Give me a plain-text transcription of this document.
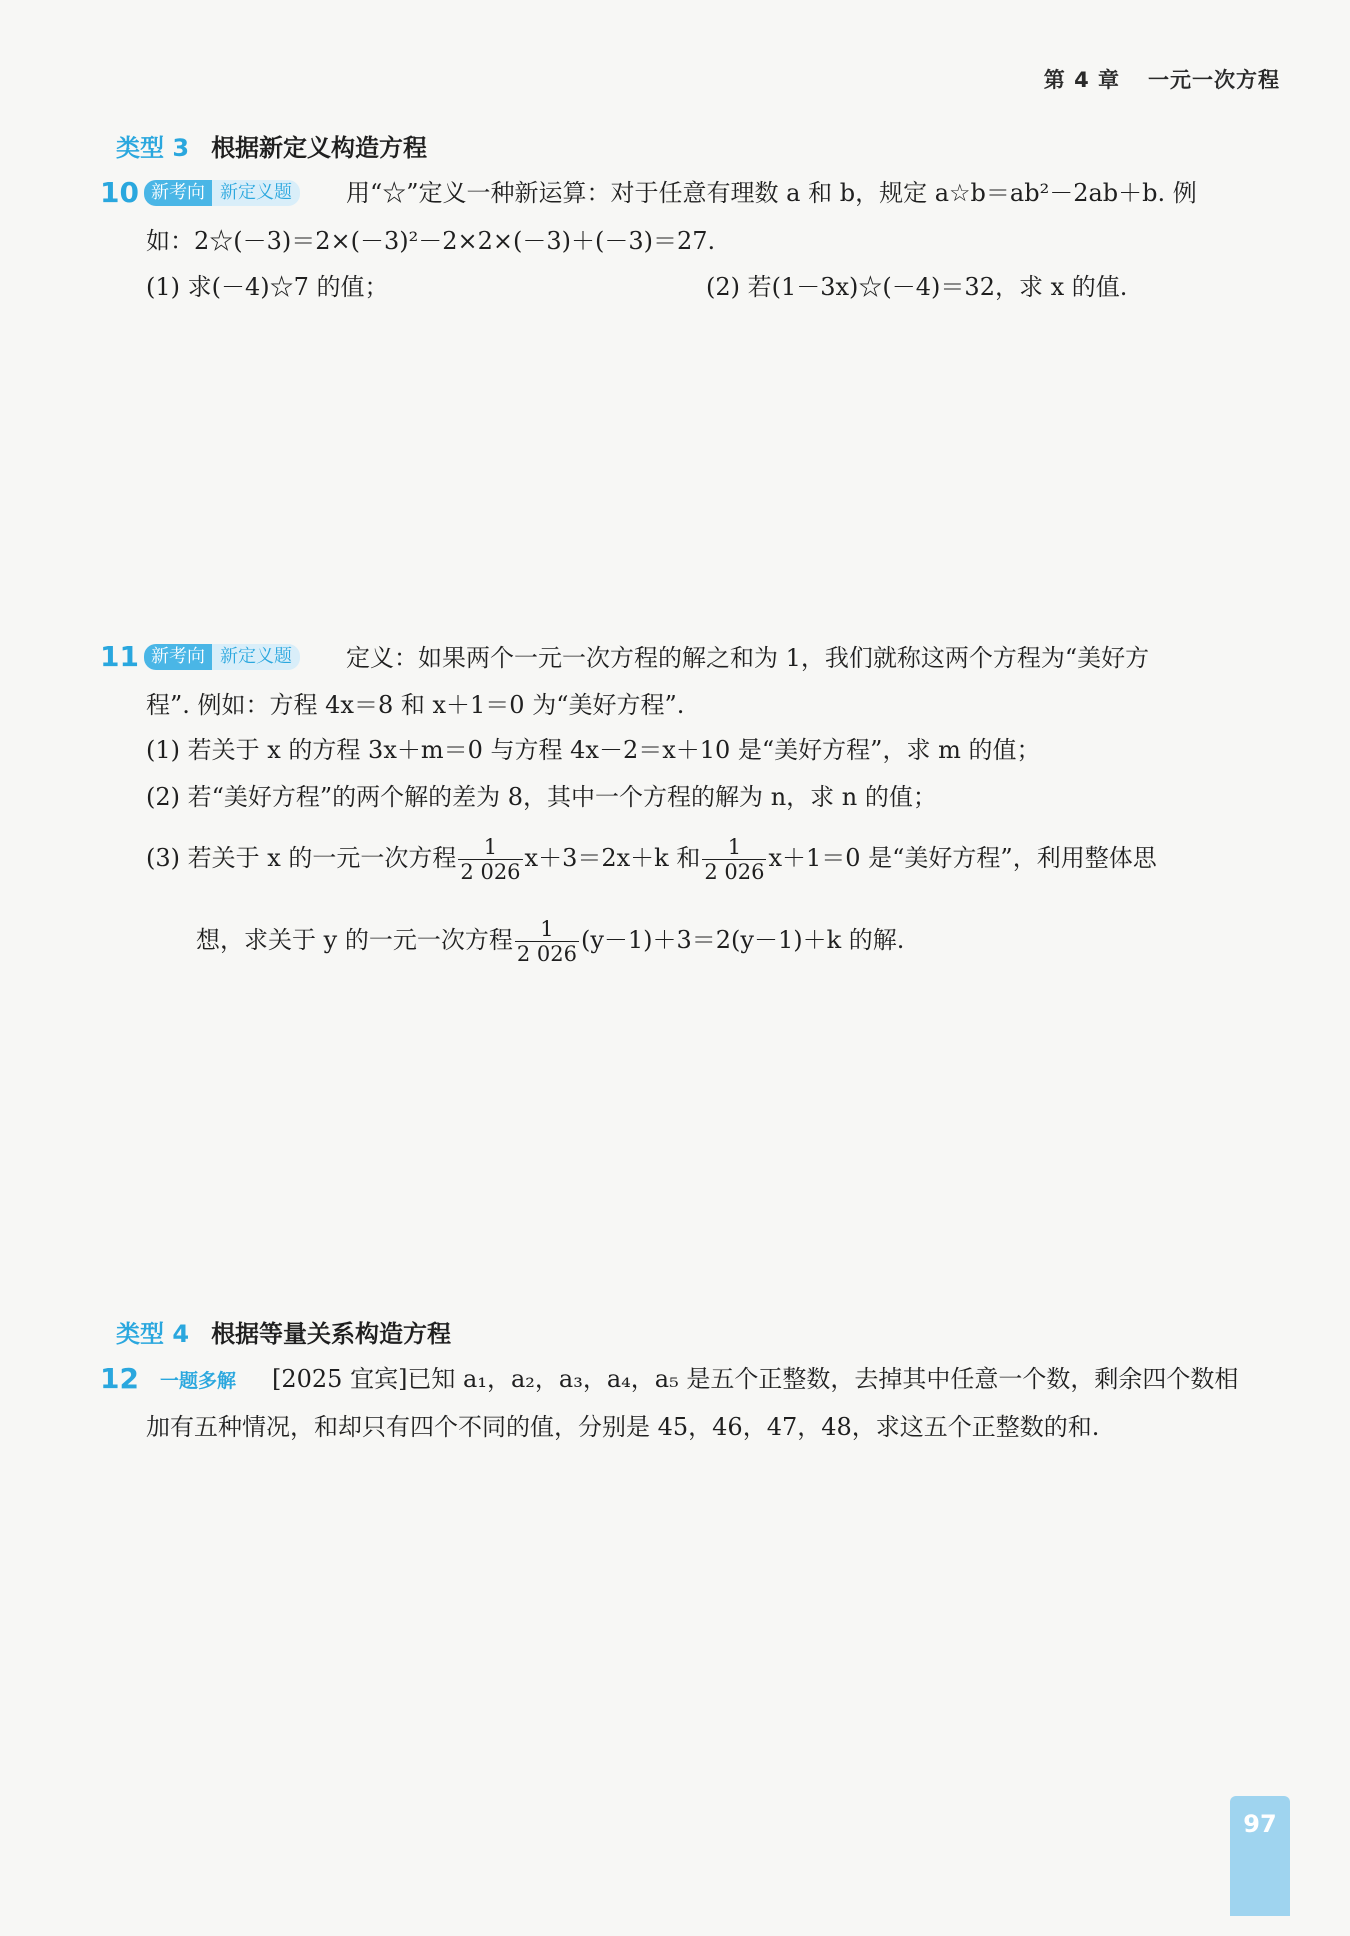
第 4 章 一元一次方程
类型 3 根据新定义构造方程
10 新考向 新定义题	用“☆”定义一种新运算：对于任意有理数 a 和 b，规定 a☆b＝ab²－2ab＋b. 例
如：2☆(－3)＝2×(－3)²－2×2×(－3)＋(－3)＝27.
(1) 求(－4)☆7 的值；	(2) 若(1－3x)☆(－4)＝32，求 x 的值.
11 新考向 新定义题	定义：如果两个一元一次方程的解之和为 1，我们就称这两个方程为“美好方
程”. 例如：方程 4x＝8 和 x＋1＝0 为“美好方程”.
(1) 若关于 x 的方程 3x＋m＝0 与方程 4x－2＝x＋10 是“美好方程”，求 m 的值；
(2) 若“美好方程”的两个解的差为 8，其中一个方程的解为 n，求 n 的值；
(3) 若关于 x 的一元一次方程 $\frac{1}{2 026} x+3=2x+k$ 和 $\frac{1}{2 026} x+1=0$ 是“美好方程”，利用整体思
想，求关于 y 的一元一次方程 $\frac{1}{2 026} (y-1)+3=2(y-1)+k$ 的解.
类型 4 根据等量关系构造方程
12 一题多解 [2025 宜宾]已知 a₁，a₂，a₃，a₄，a₅ 是五个正整数，去掉其中任意一个数，剩余四个数相
加有五种情况，和却只有四个不同的值，分别是 45，46，47，48，求这五个正整数的和.
97
